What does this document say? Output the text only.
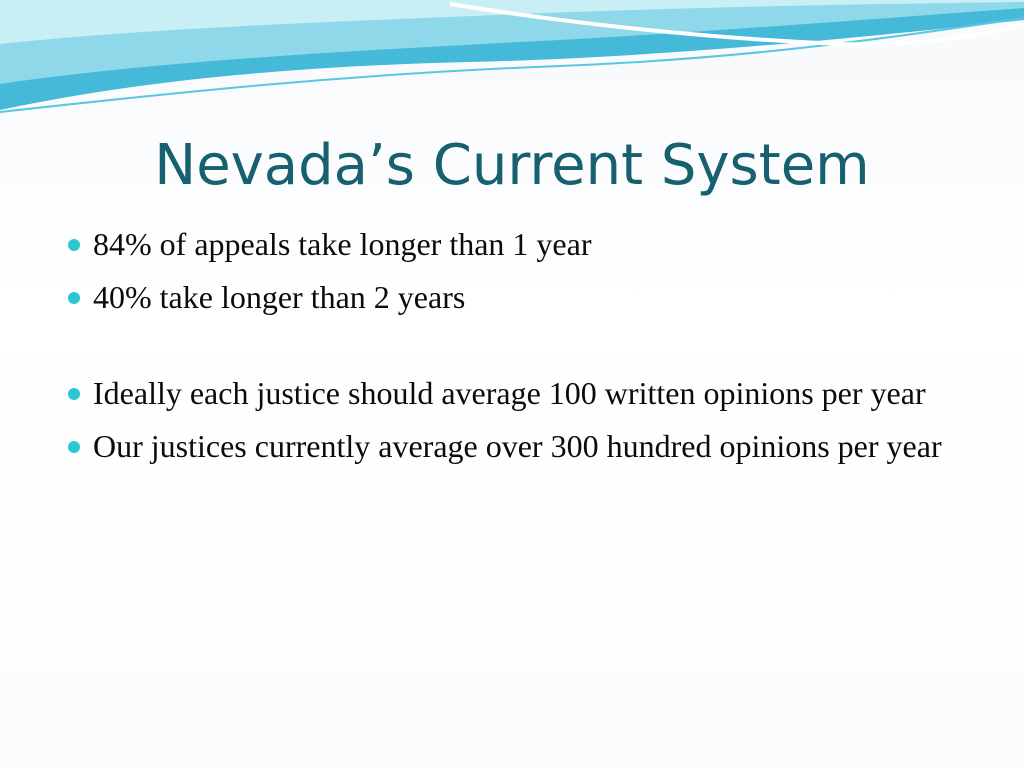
Nevada’s Current System
84% of appeals take longer than 1 year
40% take longer than 2 years
Ideally each justice should average 100 written opinions per year
Our justices currently average over 300 hundred opinions per year
